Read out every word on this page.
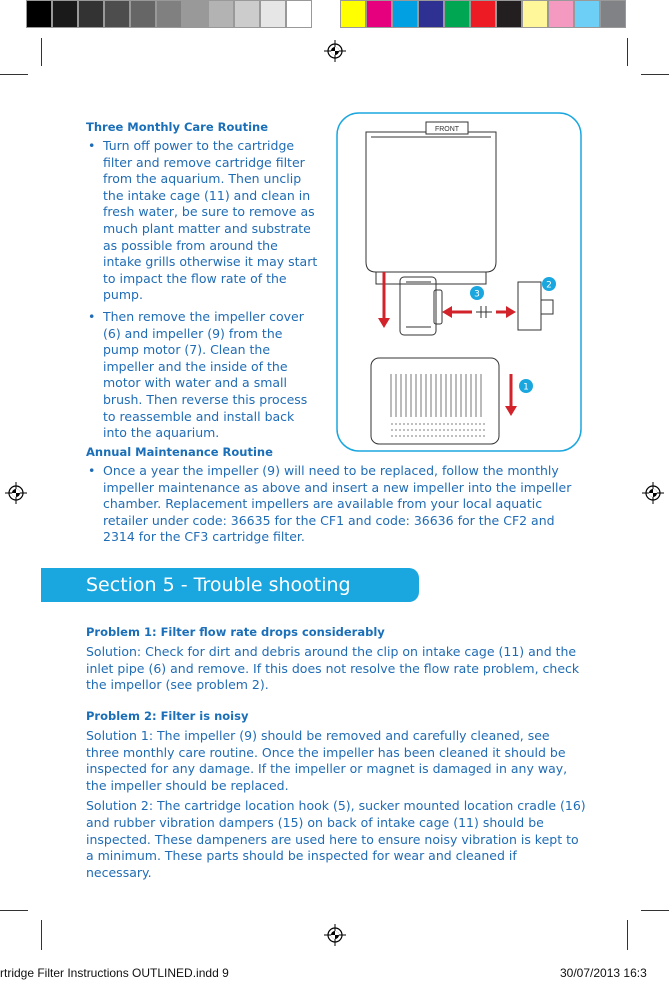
Three Monthly Care Routine
• Turn off power to the cartridge filter and remove cartridge filter from the aquarium. Then unclip the intake cage (11) and clean in fresh water, be sure to remove as much plant matter and substrate as possible from around the intake grills otherwise it may start to impact the flow rate of the pump.
• Then remove the impeller cover (6) and impeller (9) from the pump motor (7). Clean the impeller and the inside of the motor with water and a small brush. Then reverse this process to reassemble and install back into the aquarium.
FRONT
1
2
3
Annual Maintenance Routine
• Once a year the impeller (9) will need to be replaced, follow the monthly impeller maintenance as above and insert a new impeller into the impeller chamber. Replacement impellers are available from your local aquatic retailer under code: 36635 for the CF1 and code: 36636 for the CF2 and 2314 for the CF3 cartridge filter.
Section 5 - Trouble shooting
Problem 1: Filter flow rate drops considerably

Solution: Check for dirt and debris around the clip on intake cage (11) and the inlet pipe (6) and remove. If this does not resolve the flow rate problem, check the impellor (see problem 2).

Problem 2: Filter is noisy

Solution 1: The impeller (9) should be removed and carefully cleaned, see three monthly care routine. Once the impeller has been cleaned it should be inspected for any damage. If the impeller or magnet is damaged in any way, the impeller should be replaced.

Solution 2: The cartridge location hook (5), sucker mounted location cradle (16) and rubber vibration dampers (15) on back of intake cage (11) should be inspected. These dampeners are used here to ensure noisy vibration is kept to a minimum. These parts should be inspected for wear and cleaned if necessary.

rtridge Filter Instructions OUTLINED.indd 9	30/07/2013 16:3
